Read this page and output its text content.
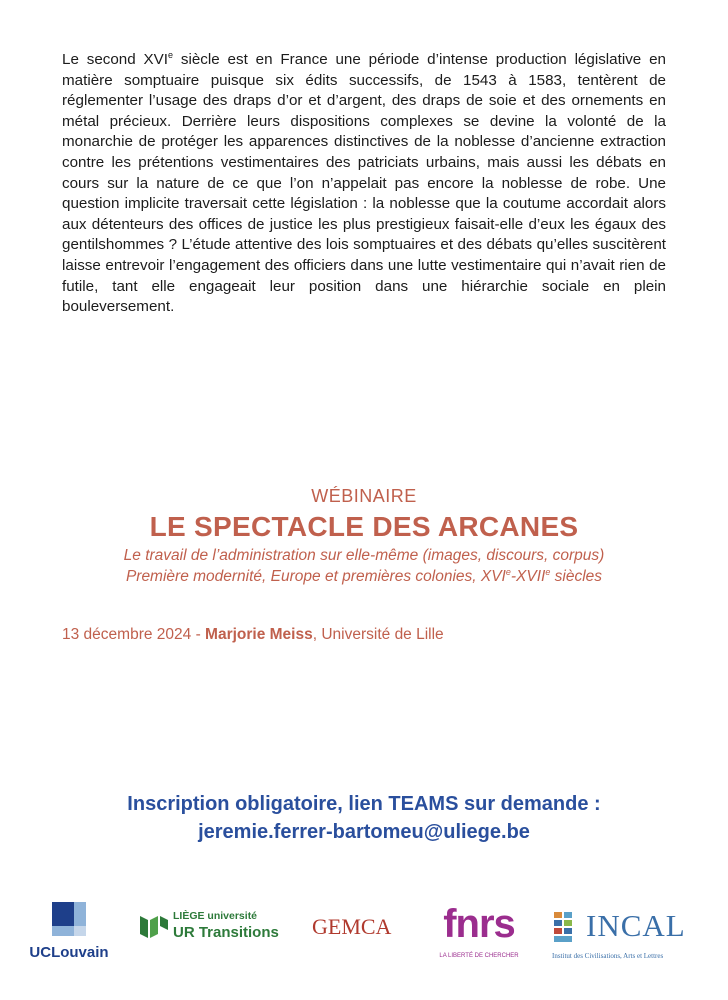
Le second XVIe siècle est en France une période d’intense production législative en matière somptuaire puisque six édits successifs, de 1543 à 1583, tentèrent de réglementer l’usage des draps d’or et d’argent, des draps de soie et des ornements en métal précieux. Derrière leurs dispositions complexes se devine la volonté de la monarchie de protéger les apparences distinctives de la noblesse d’ancienne extraction contre les prétentions vestimentaires des patriciats urbains, mais aussi les débats en cours sur la nature de ce que l’on n’appelait pas encore la noblesse de robe. Une question implicite traversait cette législation : la noblesse que la coutume accordait alors aux détenteurs des offices de justice les plus prestigieux faisait-elle d’eux les égaux des gentilshommes ? L’étude attentive des lois somptuaires et des débats qu’elles suscitèrent laisse entrevoir l’engagement des officiers dans une lutte vestimentaire qui n’avait rien de futile, tant elle engageait leur position dans une hiérarchie sociale en plein bouleversement.
WÉBINAIRE
LE SPECTACLE DES ARCANES
Le travail de l’administration sur elle-même (images, discours, corpus)
Première modernité, Europe et premières colonies, XVIe-XVIIe siècles
13 décembre 2024 - Marjorie Meiss, Université de Lille
Inscription obligatoire, lien TEAMS sur demande :
jeremie.ferrer-bartomeu@uliege.be
UCLouvain
LIÈGE université
UR Transitions GEMCA fnrs
LA LIBERTÉ DE CHERCHER
INCAL
Institut des Civilisations, Arts et Lettres
